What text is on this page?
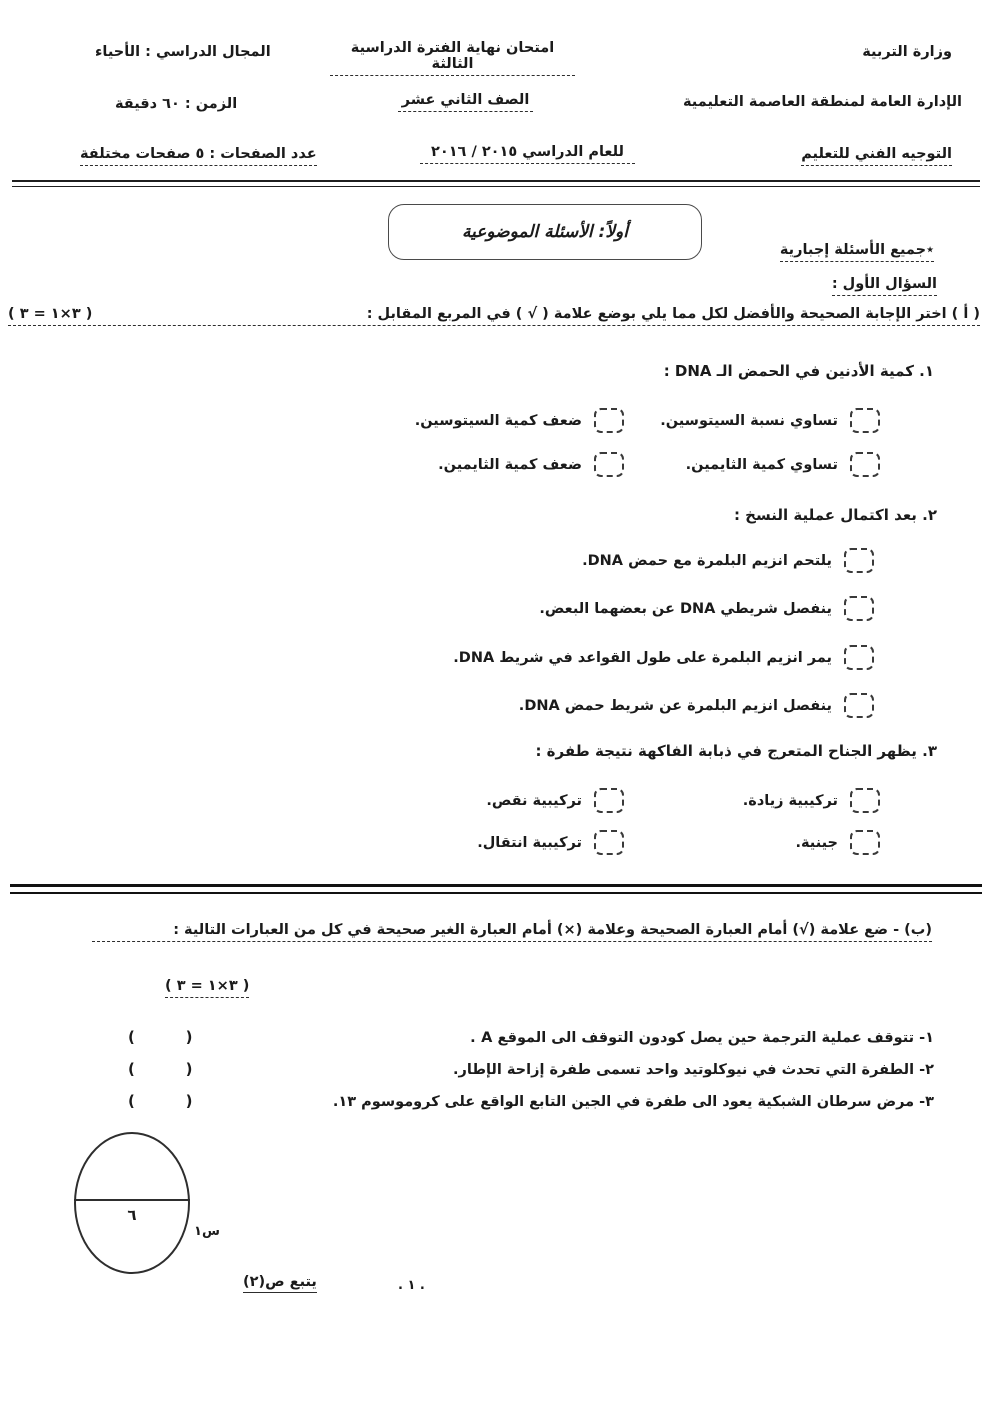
وزارة التربية
امتحان نهاية الفترة الدراسية الثالثة
المجال الدراسي : الأحياء
الإدارة العامة لمنطقة العاصمة التعليمية
الصف الثاني عشر
الزمن : ٦٠ دقيقة
التوجيه الفني للتعليم
للعام الدراسي ٢٠١٥ / ٢٠١٦
عدد الصفحات : ٥ صفحات مختلفة
أولاً: الأسئلة الموضوعية
٭جميع الأسئلة إجبارية
السؤال الأول :
( أ ) اختر الإجابة الصحيحة والأفضل لكل مما يلي بوضع علامة ( √ ) في المربع المقابل :
( ٣×١ = ٣ )
١. كمية الأدنين في الحمض الـ DNA :
تساوي نسبة السيتوسين.
ضعف كمية السيتوسين.
تساوي كمية الثايمين.
ضعف كمية الثايمين.
٢. بعد اكتمال عملية النسخ :
يلتحم انزيم البلمرة مع حمض DNA.
ينفصل شريطي DNA عن بعضهما البعض.
يمر انزيم البلمرة على طول القواعد في شريط DNA.
ينفصل انزيم البلمرة عن شريط حمض DNA.
٣. يظهر الجناح المتعرج في ذبابة الفاكهة نتيجة طفرة :
تركيبية زيادة.
تركيبية نقص.
جينية.
تركيبية انتقال.
(ب) - ضع علامة (√) أمام العبارة الصحيحة وعلامة (×) أمام العبارة الغير صحيحة في كل من العبارات التالية :
( ٣×١ = ٣ )
١- تتوقف عملية الترجمة حين يصل كودون التوقف الى الموقع A .
(        )
٢- الطفرة التي تحدث في نيوكلوتيد واحد تسمى طفرة إزاحة الإطار.
(        )
٣- مرض سرطان الشبكية يعود الى طفرة في الجين التابع الواقع على كروموسوم ١٣.
(        )
٦
س١
يتبع ص(٢)	. ١ .
